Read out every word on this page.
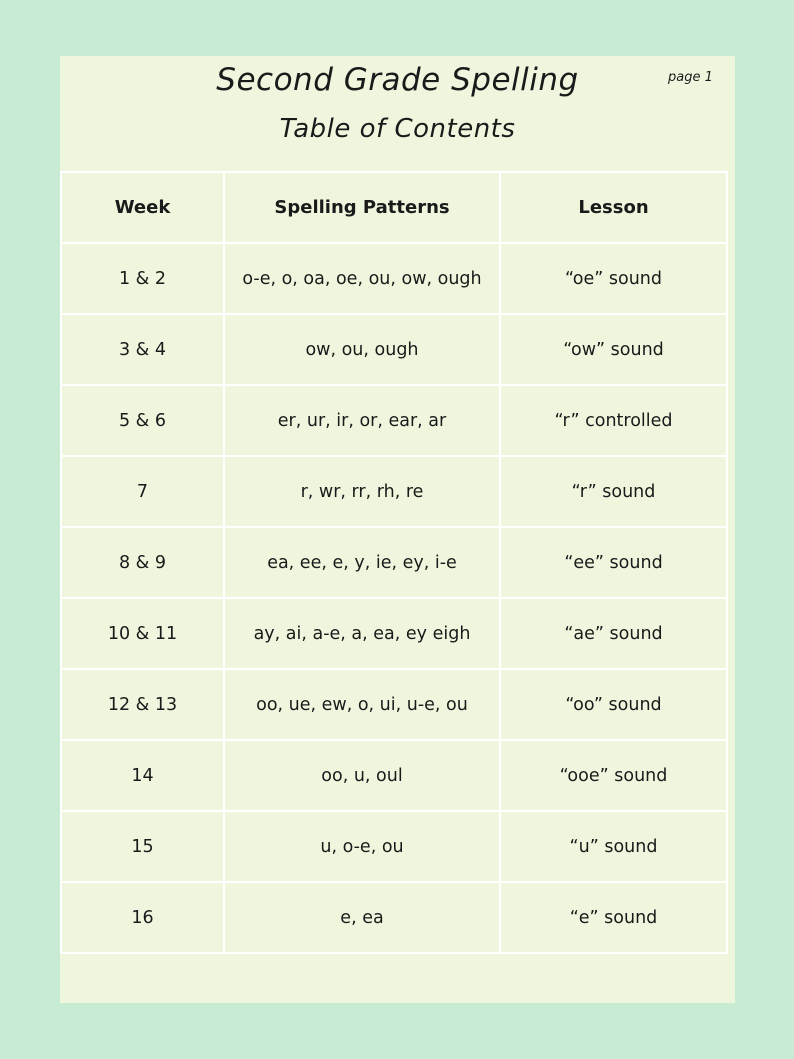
Second Grade Spelling
Table of Contents
page 1
Week	Spelling Patterns	Lesson
1 & 2	o-e, o, oa, oe, ou, ow, ough	“oe” sound
3 & 4	ow, ou, ough	“ow” sound
5 & 6	er, ur, ir, or, ear, ar	“r” controlled
7	r, wr, rr, rh, re	“r” sound
8 & 9	ea, ee, e, y, ie, ey, i-e	“ee” sound
10 & 11	ay, ai, a-e, a, ea, ey eigh	“ae” sound
12 & 13	oo, ue, ew, o, ui, u-e, ou	“oo” sound
14	oo, u, oul	“ooe” sound
15	u, o-e, ou	“u” sound
16	e, ea	“e” sound
